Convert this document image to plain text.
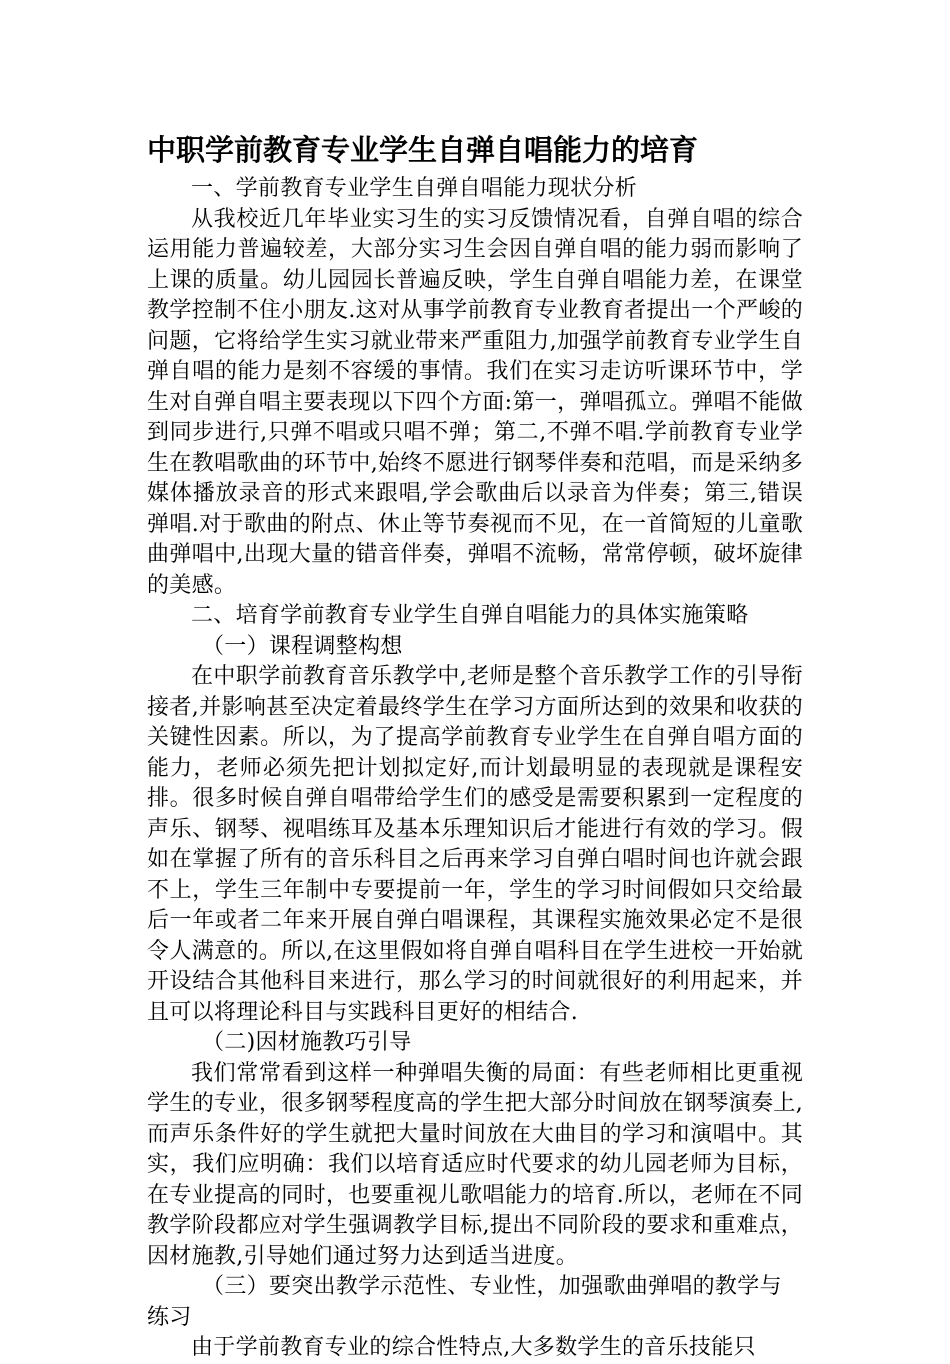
中职学前教育专业学生自弹自唱能力的培育

一、学前教育专业学生自弹自唱能力现状分析

从我校近几年毕业实习生的实习反馈情况看，自弹自唱的综合运用能力普遍较差，大部分实习生会因自弹自唱的能力弱而影响了上课的质量。幼儿园园长普遍反映，学生自弹自唱能力差，在课堂教学控制不住小朋友.这对从事学前教育专业教育者提出一个严峻的问题，它将给学生实习就业带来严重阻力,加强学前教育专业学生自弹自唱的能力是刻不容缓的事情。我们在实习走访听课环节中，学生对自弹自唱主要表现以下四个方面:第一，弹唱孤立。弹唱不能做到同步进行,只弹不唱或只唱不弹；第二,不弹不唱.学前教育专业学生在教唱歌曲的环节中,始终不愿进行钢琴伴奏和范唱，而是采纳多媒体播放录音的形式来跟唱,学会歌曲后以录音为伴奏；第三,错误弹唱.对于歌曲的附点、休止等节奏视而不见，在一首简短的儿童歌曲弹唱中,出现大量的错音伴奏，弹唱不流畅，常常停顿，破坏旋律的美感。

二、培育学前教育专业学生自弹自唱能力的具体实施策略

（一）课程调整构想

在中职学前教育音乐教学中,老师是整个音乐教学工作的引导衔接者,并影响甚至决定着最终学生在学习方面所达到的效果和收获的关键性因素。所以，为了提高学前教育专业学生在自弹自唱方面的能力，老师必须先把计划拟定好,而计划最明显的表现就是课程安排。很多时候自弹自唱带给学生们的感受是需要积累到一定程度的声乐、钢琴、视唱练耳及基本乐理知识后才能进行有效的学习。假如在掌握了所有的音乐科目之后再来学习自弹白唱时间也许就会跟不上，学生三年制中专要提前一年，学生的学习时间假如只交给最后一年或者二年来开展自弹白唱课程，其课程实施效果必定不是很令人满意的。所以,在这里假如将自弹自唱科目在学生进校一开始就开设结合其他科目来进行，那么学习的时间就很好的利用起来，并且可以将理论科目与实践科目更好的相结合.

（二)因材施教巧引导

我们常常看到这样一种弹唱失衡的局面：有些老师相比更重视学生的专业，很多钢琴程度高的学生把大部分时间放在钢琴演奏上,而声乐条件好的学生就把大量时间放在大曲目的学习和演唱中。其实，我们应明确：我们以培育适应时代要求的幼儿园老师为目标，在专业提高的同时，也要重视儿歌唱能力的培育.所以，老师在不同教学阶段都应对学生强调教学目标,提出不同阶段的要求和重难点，因材施教,引导她们通过努力达到适当进度。

（三）要突出教学示范性、专业性，加强歌曲弹唱的教学与练习

由于学前教育专业的综合性特点,大多数学生的音乐技能只
